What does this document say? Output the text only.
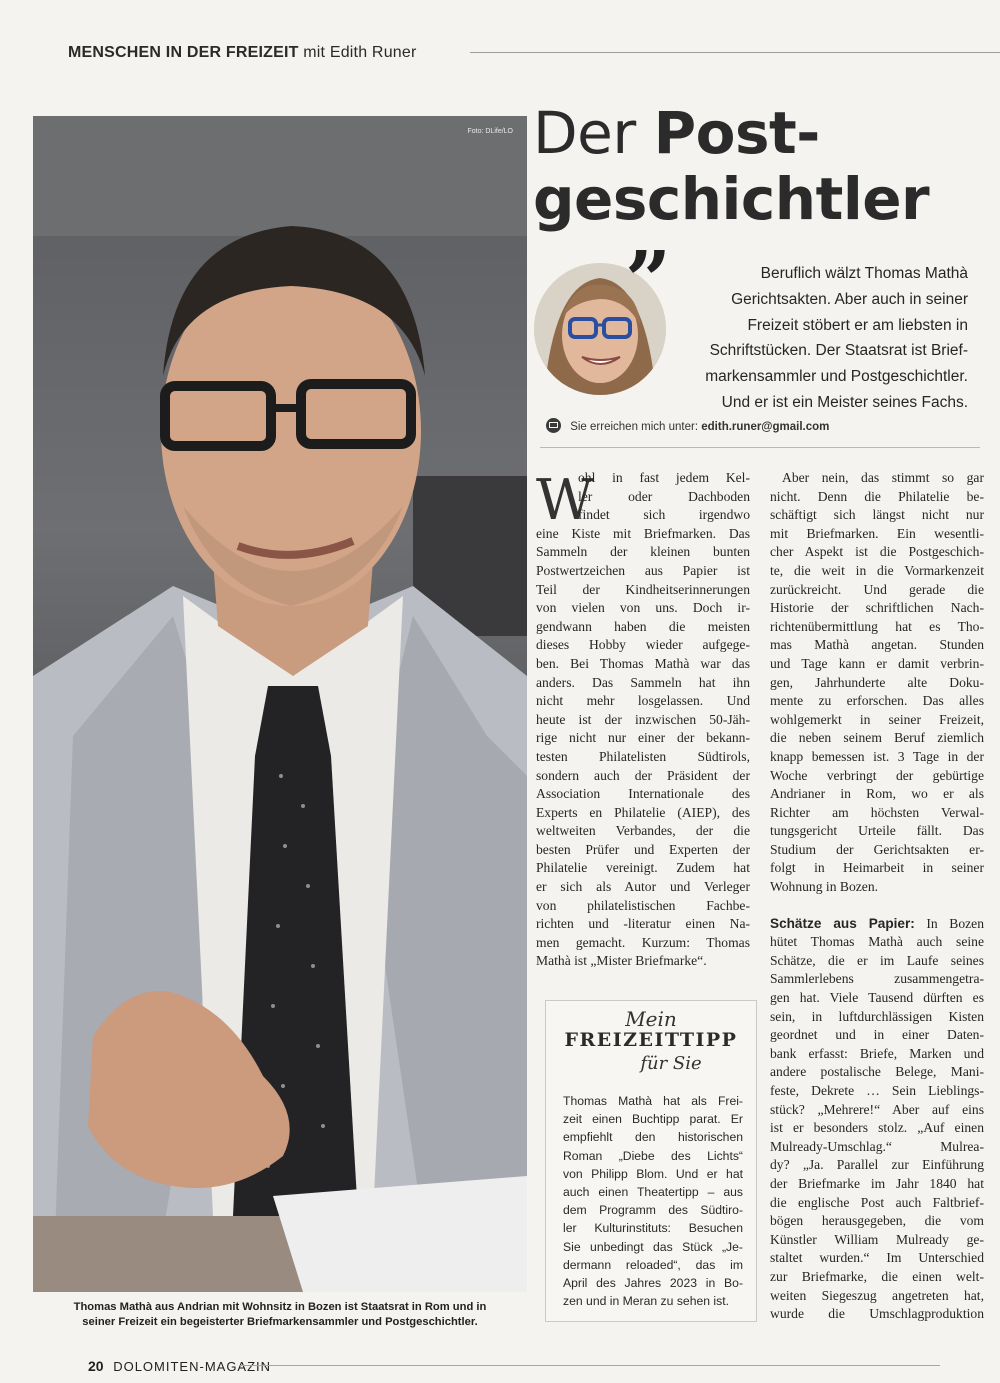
MENSCHEN IN DER FREIZEIT mit Edith Runer
Foto: DLife/LO
Thomas Mathà aus Andrian mit Wohnsitz in Bozen ist Staatsrat in Rom und in
seiner Freizeit ein begeisterter Briefmarkensammler und Postgeschichtler.
Der Post-
geschichtler
”	Beruflich wälzt Thomas Mathà
Gerichtsakten. Aber auch in seiner
Freizeit stöbert er am liebsten in
Schriftstücken. Der Staatsrat ist Brief-
markensammler und Postgeschichtler.
Und er ist ein Meister seines Fachs.
Sie erreichen mich unter: edith.runer@gmail.com
W
ohl in fast jedem Kel-
ler oder Dachboden
findet sich irgendwo
eine Kiste mit Briefmarken. Das
Sammeln der kleinen bunten
Postwertzeichen aus Papier ist
Teil der Kindheitserinnerungen
von vielen von uns. Doch ir-
gendwann haben die meisten
dieses Hobby wieder aufgege-
ben. Bei Thomas Mathà war das
anders. Das Sammeln hat ihn
nicht mehr losgelassen. Und
heute ist der inzwischen 50-Jäh-
rige nicht nur einer der bekann-
testen Philatelisten Südtirols,
sondern auch der Präsident der
Association Internationale des
Experts en Philatelie (AIEP), des
weltweiten Verbandes, der die
besten Prüfer und Experten der
Philatelie vereinigt. Zudem hat
er sich als Autor und Verleger
von philatelistischen Fachbe-
richten und -literatur einen Na-
men gemacht. Kurzum: Thomas
Mathà ist „Mister Briefmarke“.
Aber nein, das stimmt so gar
nicht. Denn die Philatelie be-
schäftigt sich längst nicht nur
mit Briefmarken. Ein wesentli-
cher Aspekt ist die Postgeschich-
te, die weit in die Vormarkenzeit
zurückreicht. Und gerade die
Historie der schriftlichen Nach-
richtenübermittlung hat es Tho-
mas Mathà angetan. Stunden
und Tage kann er damit verbrin-
gen, Jahrhunderte alte Doku-
mente zu erforschen. Das alles
wohlgemerkt in seiner Freizeit,
die neben seinem Beruf ziemlich
knapp bemessen ist. 3 Tage in der
Woche verbringt der gebürtige
Andrianer in Rom, wo er als
Richter am höchsten Verwal-
tungsgericht Urteile fällt. Das
Studium der Gerichtsakten er-
folgt in Heimarbeit in seiner
Wohnung in Bozen.
Schätze aus Papier: In Bozen
hütet Thomas Mathà auch seine
Schätze, die er im Laufe seines
Sammlerlebens zusammengetra-
gen hat. Viele Tausend dürften es
sein, in luftdurchlässigen Kisten
geordnet und in einer Daten-
bank erfasst: Briefe, Marken und
andere postalische Belege, Mani-
feste, Dekrete … Sein Lieblings-
stück? „Mehrere!“ Aber auf eins
ist er besonders stolz. „Auf einen
Mulready-Umschlag.“ Mulrea-
dy? „Ja. Parallel zur Einführung
der Briefmarke im Jahr 1840 hat
die englische Post auch Faltbrief-
bögen herausgegeben, die vom
Künstler William Mulready ge-
staltet wurden.“ Im Unterschied
zur Briefmarke, die einen welt-
weiten Siegeszug angetreten hat,
wurde die Umschlagproduktion
Mein
FREIZEITTIPP
für Sie
Thomas Mathà hat als Frei-
zeit einen Buchtipp parat. Er
empfiehlt den historischen
Roman „Diebe des Lichts“
von Philipp Blom. Und er hat
auch einen Theatertipp – aus
dem Programm des Südtiro-
ler Kulturinstituts: Besuchen
Sie unbedingt das Stück „Je-
dermann reloaded“, das im
April des Jahres 2023 in Bo-
zen und in Meran zu sehen ist.
20 DOLOMITEN-MAGAZIN
